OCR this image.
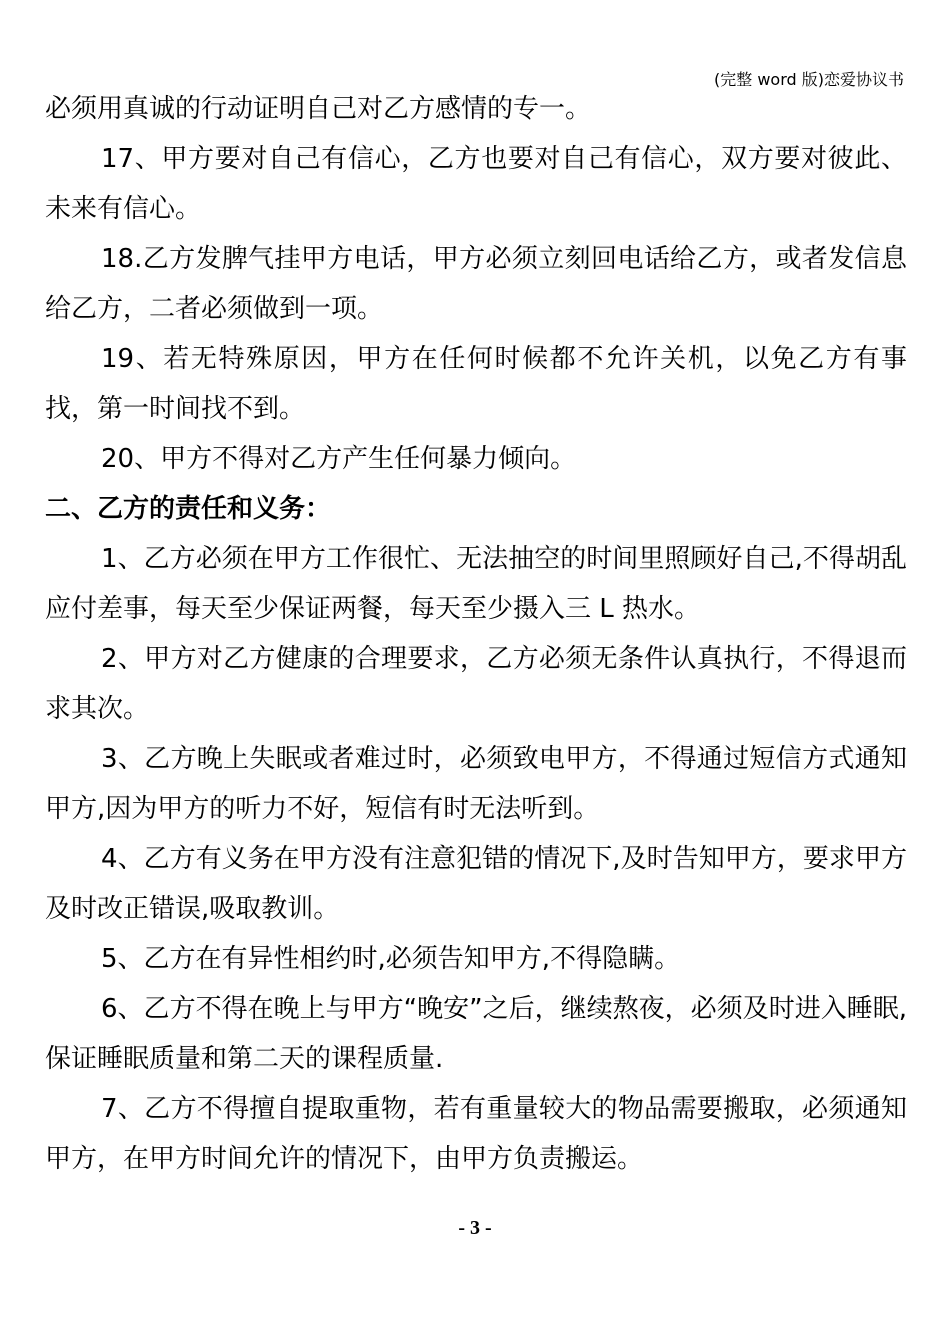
(完整 word 版)恋爱协议书

必须用真诚的行动证明自己对乙方感情的专一。

17、甲方要对自己有信心，乙方也要对自己有信心，双方要对彼此、未来有信心。

18.乙方发脾气挂甲方电话，甲方必须立刻回电话给乙方，或者发信息给乙方，二者必须做到一项。

19、若无特殊原因，甲方在任何时候都不允许关机，以免乙方有事找，第一时间找不到。

20、甲方不得对乙方产生任何暴力倾向。

二、乙方的责任和义务：

1、乙方必须在甲方工作很忙、无法抽空的时间里照顾好自己,不得胡乱应付差事，每天至少保证两餐，每天至少摄入三 L 热水。

2、甲方对乙方健康的合理要求，乙方必须无条件认真执行，不得退而求其次。

3、乙方晚上失眠或者难过时，必须致电甲方，不得通过短信方式通知甲方,因为甲方的听力不好，短信有时无法听到。

4、乙方有义务在甲方没有注意犯错的情况下,及时告知甲方，要求甲方及时改正错误,吸取教训。

5、乙方在有异性相约时,必须告知甲方,不得隐瞒。

6、乙方不得在晚上与甲方“晚安”之后，继续熬夜，必须及时进入睡眠,保证睡眠质量和第二天的课程质量.

7、乙方不得擅自提取重物，若有重量较大的物品需要搬取，必须通知甲方，在甲方时间允许的情况下，由甲方负责搬运。

- 3 -
